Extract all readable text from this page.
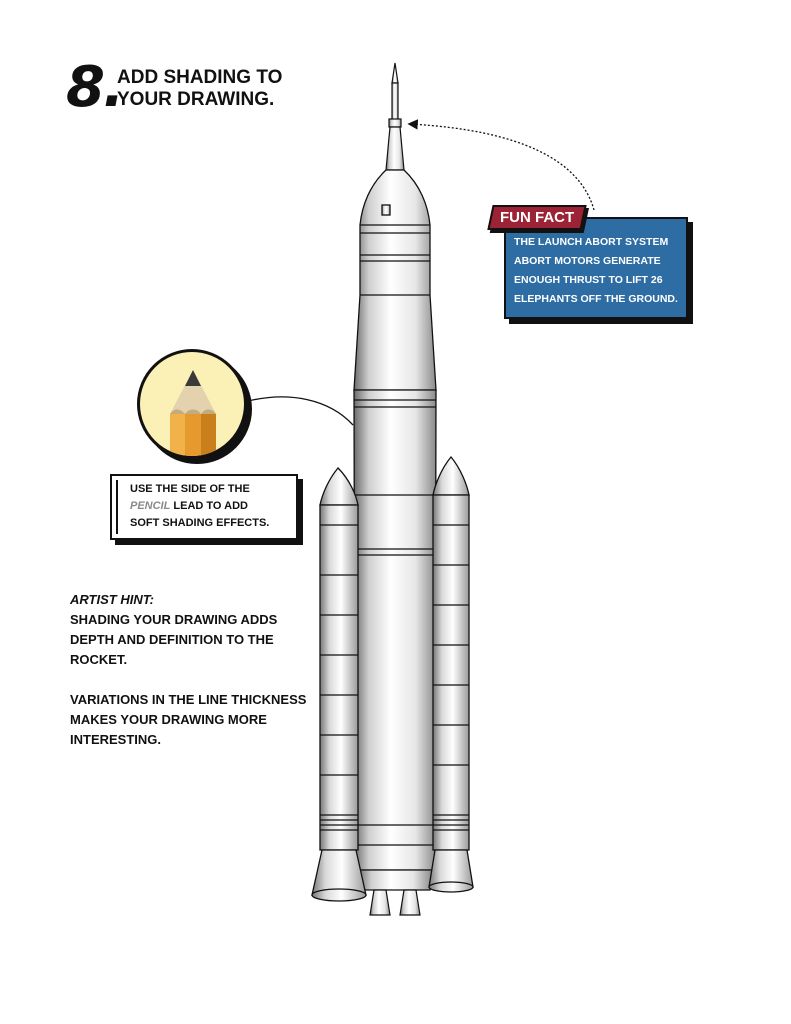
8.
ADD SHADING TO
YOUR DRAWING.
FUN FACT
THE LAUNCH ABORT SYSTEM
ABORT MOTORS GENERATE
ENOUGH THRUST TO LIFT 26
ELEPHANTS OFF THE GROUND.
USE THE SIDE OF THE
PENCIL LEAD TO ADD
SOFT SHADING EFFECTS.
ARTIST HINT:
SHADING YOUR DRAWING ADDS DEPTH AND DEFINITION TO THE ROCKET.
VARIATIONS IN THE LINE THICKNESS MAKES YOUR DRAWING MORE INTERESTING.
